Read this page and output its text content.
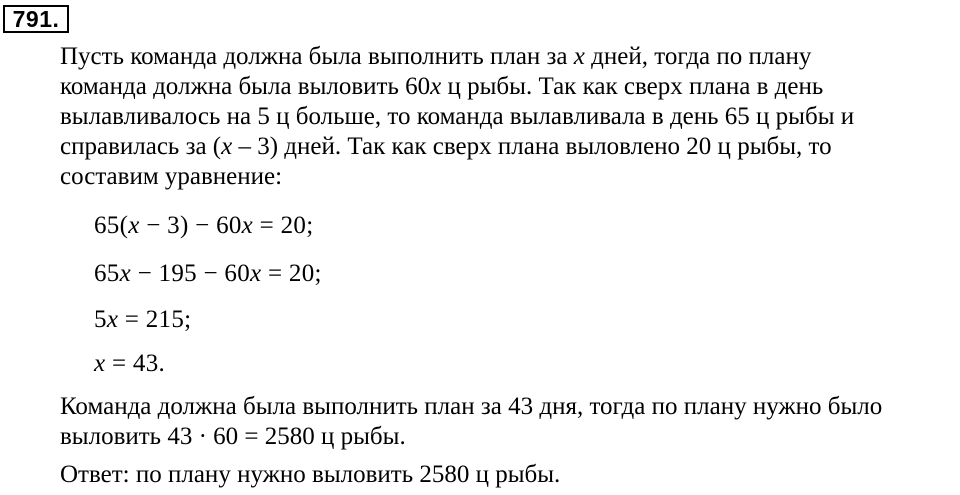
791.

Пусть команда должна была выполнить план за x дней, тогда по плану
команда должна была выловить 60x ц рыбы. Так как сверх плана в день
вылавливалось на 5 ц больше, то команда вылавливала в день 65 ц рыбы и
справилась за (x – 3) дней. Так как сверх плана выловлено 20 ц рыбы, то
составим уравнение:

65(x − 3) − 60x = 20;
65x − 195 − 60x = 20;
5x = 215;
x = 43.

Команда должна была выполнить план за 43 дня, тогда по плану нужно было
выловить 43 · 60 = 2580 ц рыбы.

Ответ: по плану нужно выловить 2580 ц рыбы.
